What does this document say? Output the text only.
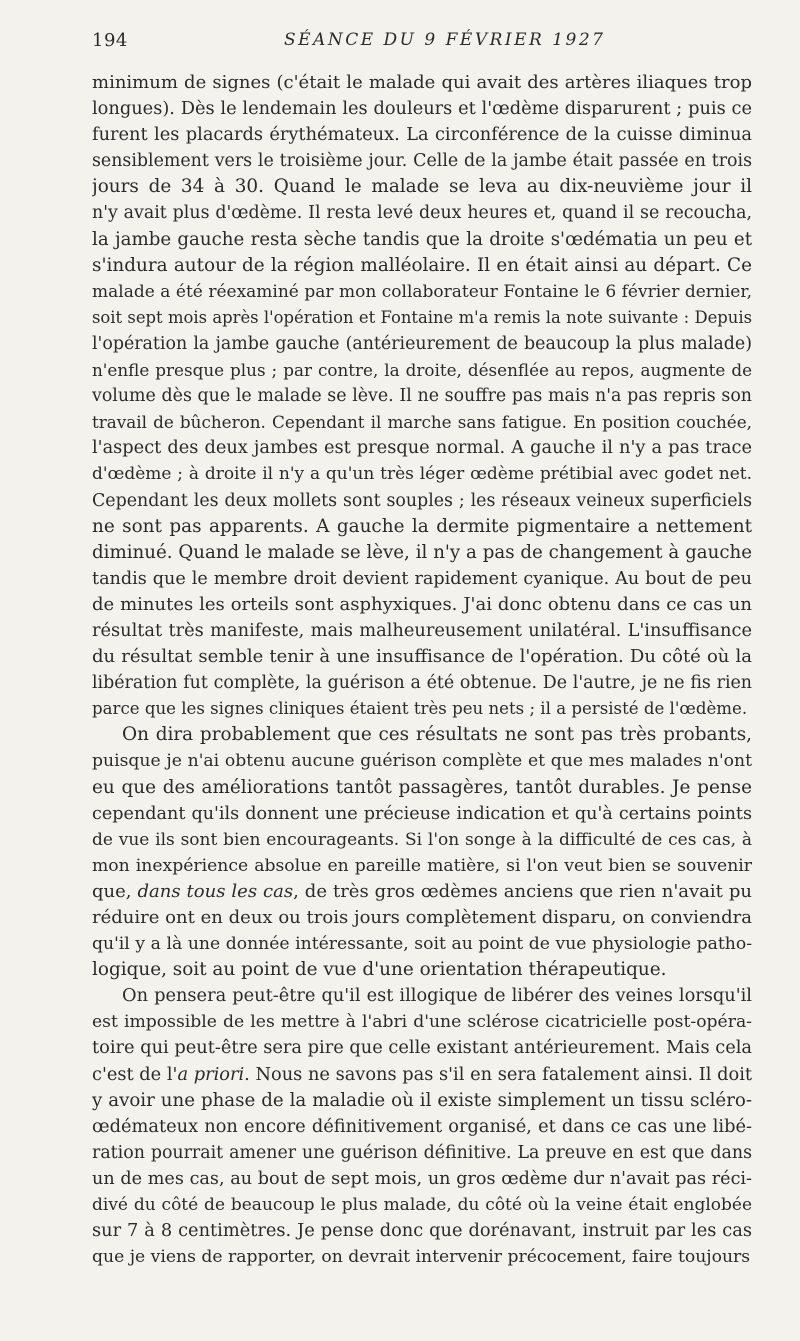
194	SÉANCE DU 9 FÉVRIER 1927

minimum de signes (c'était le malade qui avait des artères iliaques trop
longues). Dès le lendemain les douleurs et l'œdème disparurent ; puis ce
furent les placards érythémateux. La circonférence de la cuisse diminua
sensiblement vers le troisième jour. Celle de la jambe était passée en trois
jours de 34 à 30. Quand le malade se leva au dix-neuvième jour il
n'y avait plus d'œdème. Il resta levé deux heures et, quand il se recoucha,
la jambe gauche resta sèche tandis que la droite s'œdématia un peu et
s'indura autour de la région malléolaire. Il en était ainsi au départ. Ce
malade a été réexaminé par mon collaborateur Fontaine le 6 février dernier,
soit sept mois après l'opération et Fontaine m'a remis la note suivante : Depuis
l'opération la jambe gauche (antérieurement de beaucoup la plus malade)
n'enfle presque plus ; par contre, la droite, désenflée au repos, augmente de
volume dès que le malade se lève. Il ne souffre pas mais n'a pas repris son
travail de bûcheron. Cependant il marche sans fatigue. En position couchée,
l'aspect des deux jambes est presque normal. A gauche il n'y a pas trace
d'œdème ; à droite il n'y a qu'un très léger œdème prétibial avec godet net.
Cependant les deux mollets sont souples ; les réseaux veineux superficiels
ne sont pas apparents. A gauche la dermite pigmentaire a nettement
diminué. Quand le malade se lève, il n'y a pas de changement à gauche
tandis que le membre droit devient rapidement cyanique. Au bout de peu
de minutes les orteils sont asphyxiques. J'ai donc obtenu dans ce cas un
résultat très manifeste, mais malheureusement unilatéral. L'insuffisance
du résultat semble tenir à une insuffisance de l'opération. Du côté où la
libération fut complète, la guérison a été obtenue. De l'autre, je ne fis rien
parce que les signes cliniques étaient très peu nets ; il a persisté de l'œdème.

On dira probablement que ces résultats ne sont pas très probants,
puisque je n'ai obtenu aucune guérison complète et que mes malades n'ont
eu que des améliorations tantôt passagères, tantôt durables. Je pense
cependant qu'ils donnent une précieuse indication et qu'à certains points
de vue ils sont bien encourageants. Si l'on songe à la difficulté de ces cas, à
mon inexpérience absolue en pareille matière, si l'on veut bien se souvenir
que, dans tous les cas, de très gros œdèmes anciens que rien n'avait pu
réduire ont en deux ou trois jours complètement disparu, on conviendra
qu'il y a là une donnée intéressante, soit au point de vue physiologie patho-
logique, soit au point de vue d'une orientation thérapeutique.

On pensera peut-être qu'il est illogique de libérer des veines lorsqu'il
est impossible de les mettre à l'abri d'une sclérose cicatricielle post-opéra-
toire qui peut-être sera pire que celle existant antérieurement. Mais cela
c'est de l'a priori. Nous ne savons pas s'il en sera fatalement ainsi. Il doit
y avoir une phase de la maladie où il existe simplement un tissu scléro-
œdémateux non encore définitivement organisé, et dans ce cas une libé-
ration pourrait amener une guérison définitive. La preuve en est que dans
un de mes cas, au bout de sept mois, un gros œdème dur n'avait pas réci-
divé du côté de beaucoup le plus malade, du côté où la veine était englobée
sur 7 à 8 centimètres. Je pense donc que dorénavant, instruit par les cas
que je viens de rapporter, on devrait intervenir précocement, faire toujours
